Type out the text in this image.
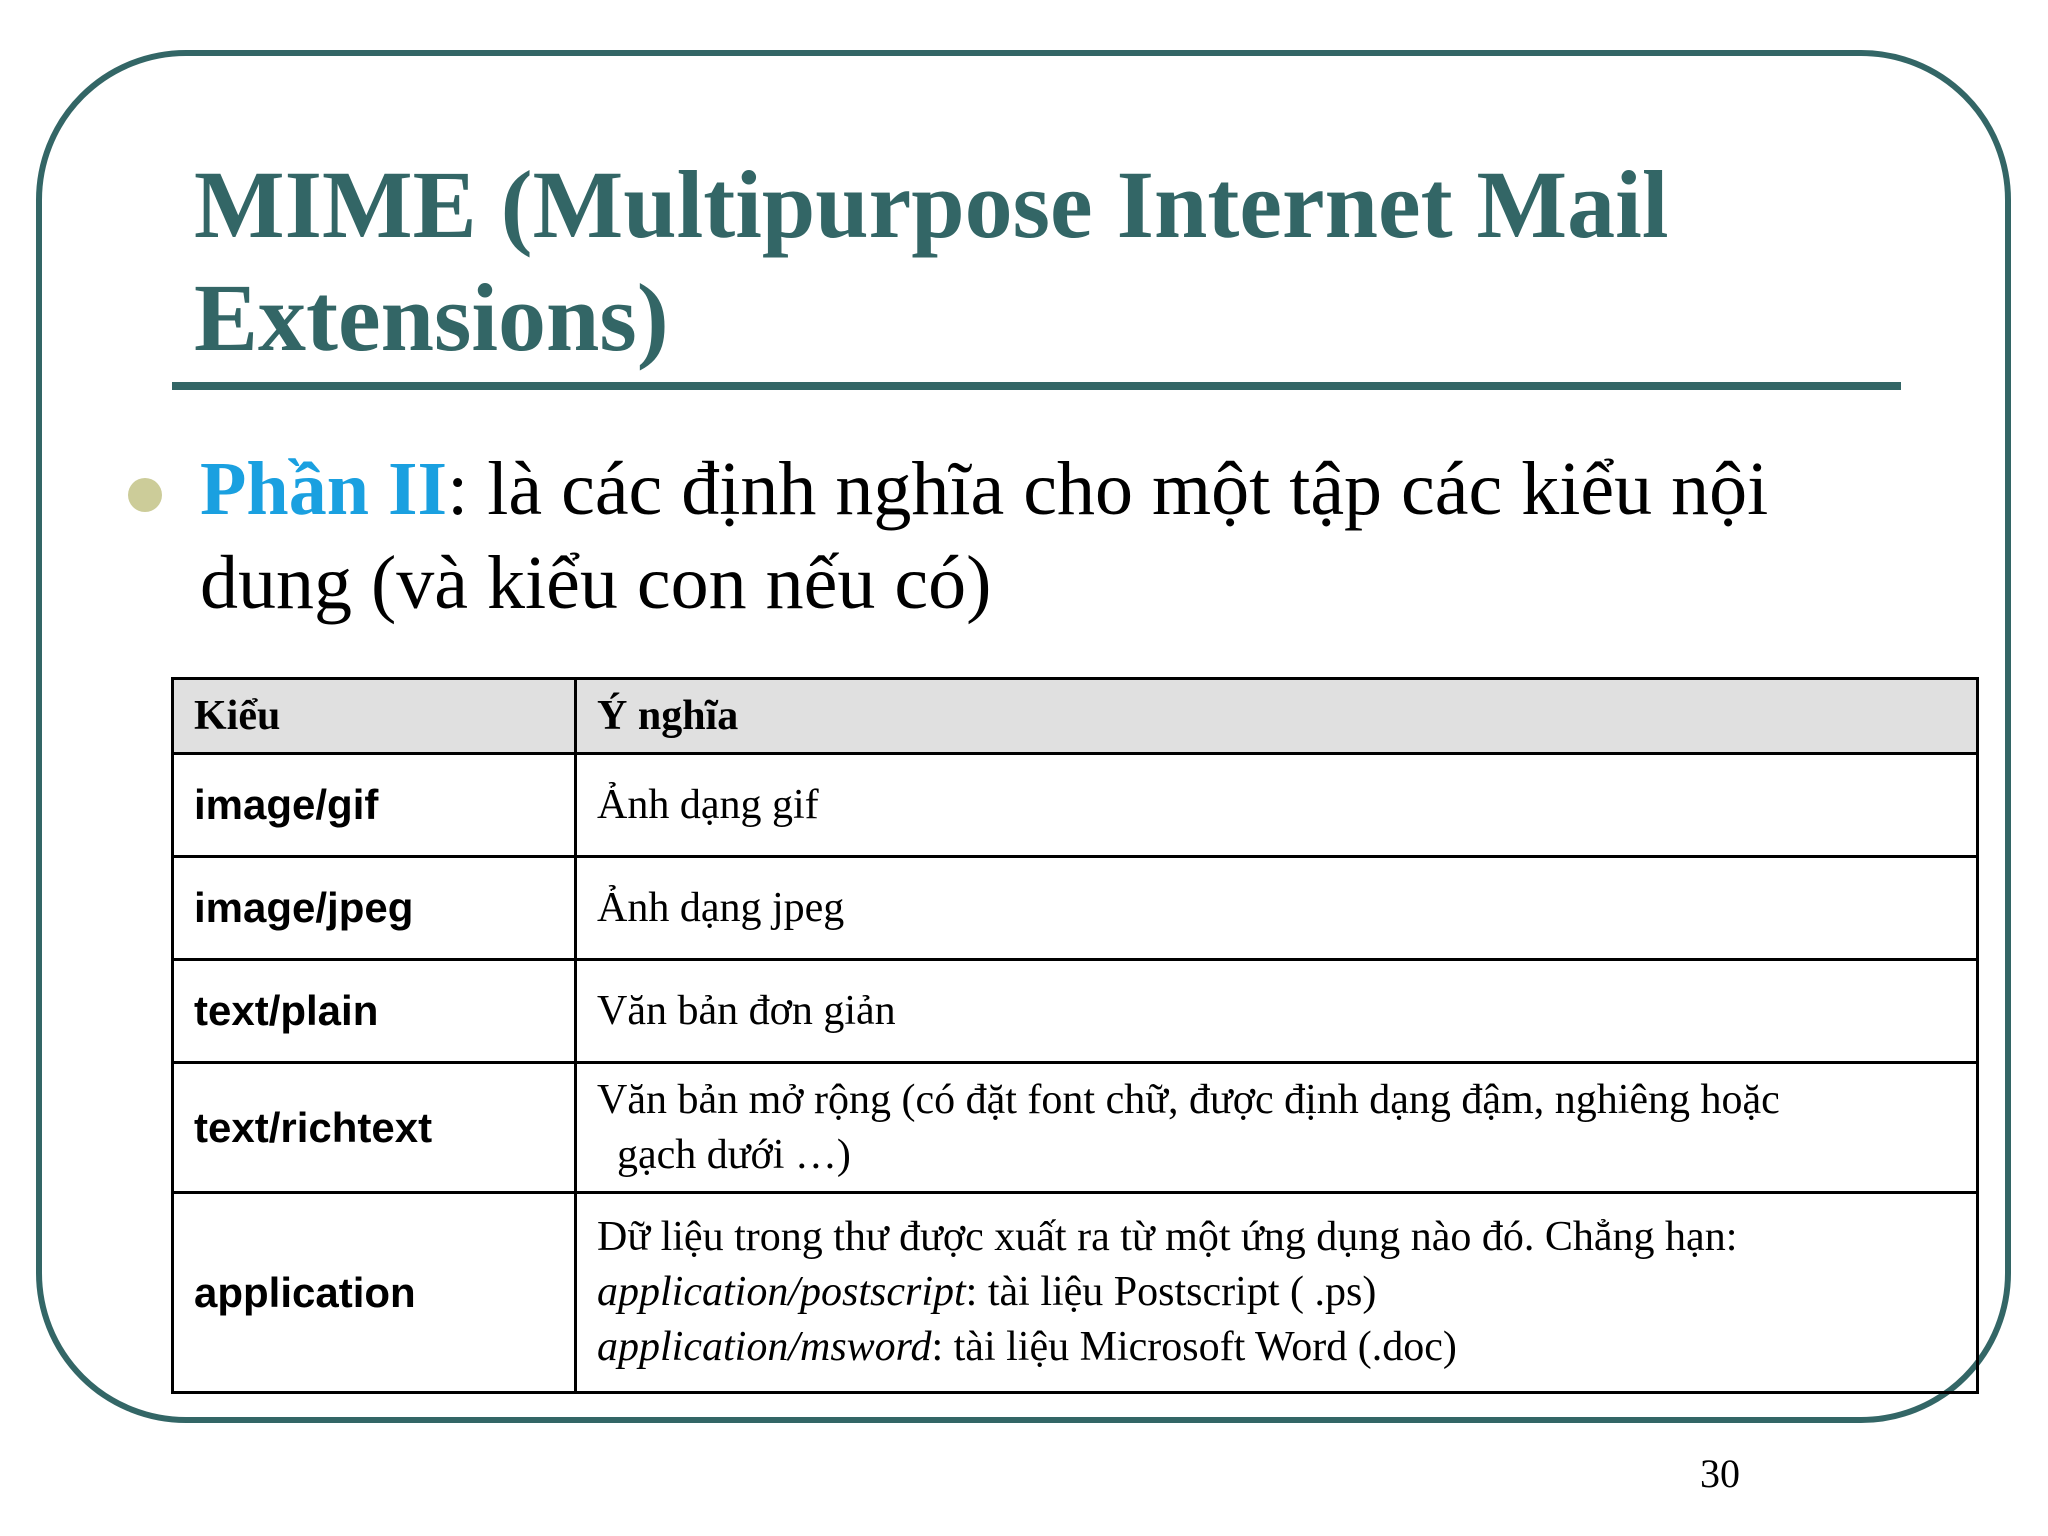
MIME (Multipurpose Internet Mail Extensions)

Phần II: là các định nghĩa cho một tập các kiểu nội dung (và kiểu con nếu có)

Kiểu	Ý nghĩa
image/gif	Ảnh dạng gif
image/jpeg	Ảnh dạng jpeg
text/plain	Văn bản đơn giản
text/richtext	Văn bản mở rộng (có đặt font chữ, được định dạng đậm, nghiêng hoặc
gạch dưới …)

application	Dữ liệu trong thư được xuất ra từ một ứng dụng nào đó. Chẳng hạn:
application/postscript: tài liệu Postscript ( .ps)
application/msword: tài liệu Microsoft Word (.doc)
30
